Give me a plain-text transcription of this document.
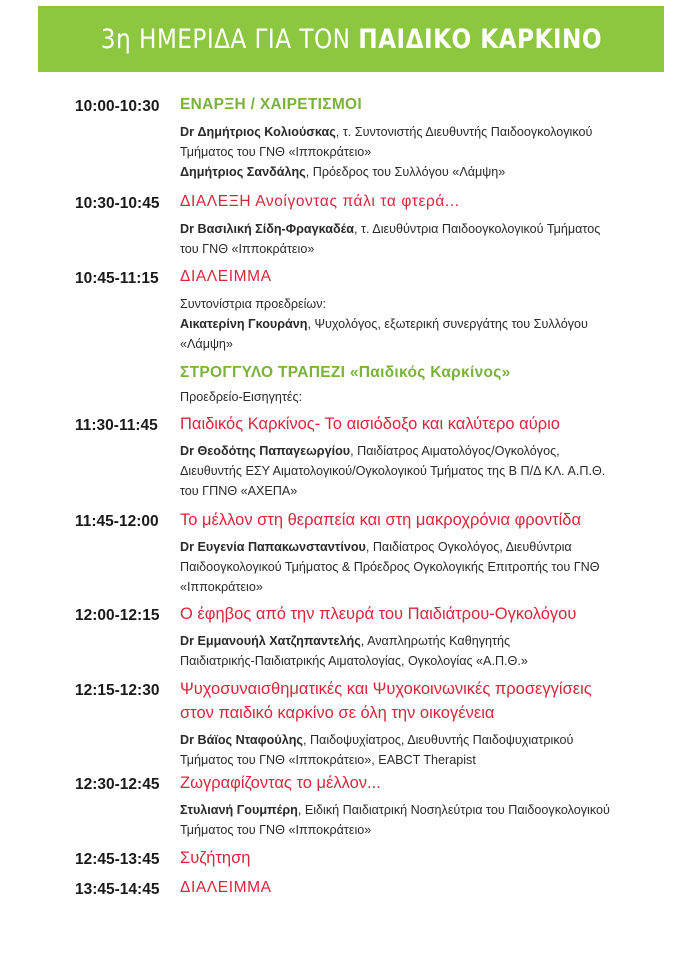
3η ΗΜΕΡΙΔΑ ΓΙΑ ΤΟΝ ΠΑΙΔΙΚΟ ΚΑΡΚΙΝΟ
10:00-10:30 ΕΝΑΡΞΗ / ΧΑΙΡΕΤΙΣΜΟΙ
Dr Δημήτριος Κολιούσκας, τ. Συντονιστής Διευθυντής Παιδοογκολογικού
Τμήματος του ΓΝΘ «Ιπποκράτειο»
Δημήτριος Σανδάλης, Πρόεδρος του Συλλόγου «Λάμψη»
10:30-10:45 ΔΙΑΛΕΞΗ Ανοίγοντας πάλι τα φτερά...
Dr Βασιλική Σίδη-Φραγκαδέα, τ. Διευθύντρια Παιδοογκολογικού Τμήματος
του ΓΝΘ «Ιπποκράτειο»
10:45-11:15 ΔΙΑΛΕΙΜΜΑ
Συντονίστρια προεδρείων:
Αικατερίνη Γκουράνη, Ψυχολόγος, εξωτερική συνεργάτης του Συλλόγου
«Λάμψη»
ΣΤΡΟΓΓΥΛΟ ΤΡΑΠΕΖΙ «Παιδικός Καρκίνος»
Προεδρείο-Εισηγητές:
11:30-11:45 Παιδικός Καρκίνος- Το αισιόδοξο και καλύτερο αύριο
Dr Θεοδότης Παπαγεωργίου, Παιδίατρος Αιματολόγος/Ογκολόγος,
Διευθυντής ΕΣΥ Αιματολογικού/Ογκολογικού Τμήματος της Β Π/Δ ΚΛ. Α.Π.Θ.
του ΓΠΝΘ «ΑΧΕΠΑ»
11:45-12:00 Το μέλλον στη θεραπεία και στη μακροχρόνια φροντίδα
Dr Ευγενία Παπακωνσταντίνου, Παιδίατρος Ογκολόγος, Διευθύντρια
Παιδοογκολογικού Τμήματος & Πρόεδρος Ογκολογικής Επιτροπής του ΓΝΘ
«Ιπποκράτειο»
12:00-12:15 Ο έφηβος από την πλευρά του Παιδιάτρου-Ογκολόγου
Dr Εμμανουήλ Χατζηπαντελής, Αναπληρωτής Καθηγητής
Παιδιατρικής-Παιδιατρικής Αιματολογίας, Ογκολογίας «Α.Π.Θ.»
12:15-12:30 Ψυχοσυναισθηματικές και Ψυχοκοινωνικές προσεγγίσεις
στον παιδικό καρκίνο σε όλη την οικογένεια
Dr Βάϊος Νταφούλης, Παιδοψυχίατρος, Διευθυντής Παιδοψυχιατρικού
Τμήματος του ΓΝΘ «Ιπποκράτειο», EABCT Therapist
12:30-12:45 Ζωγραφίζοντας το μέλλον...
Στυλιανή Γουμπέρη, Ειδική Παιδιατρική Νοσηλεύτρια του Παιδοογκολογικού
Τμήματος του ΓΝΘ «Ιπποκράτειο»
12:45-13:45 Συζήτηση
13:45-14:45 ΔΙΑΛΕΙΜΜΑ
